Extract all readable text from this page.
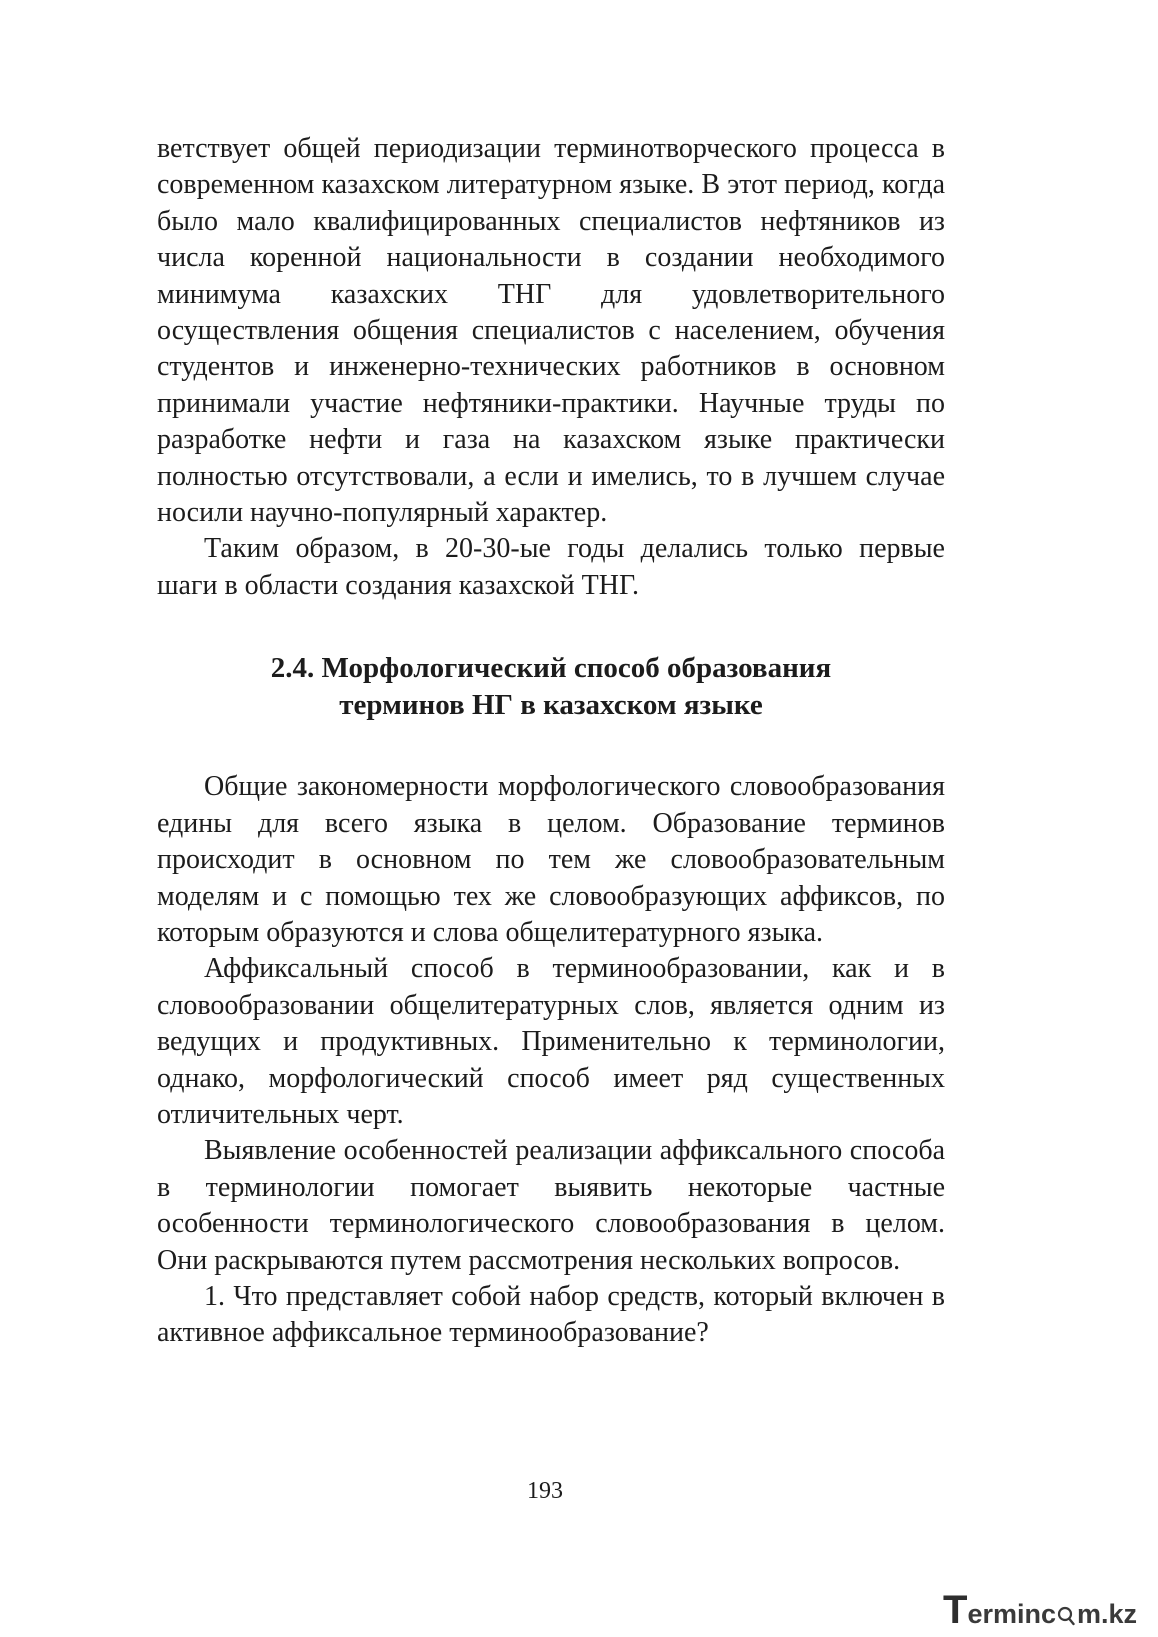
ветствует общей периодизации терминотворческого процесса в современном казахском литературном языке. В этот период, когда было мало квалифицированных специалистов нефтяников из числа коренной национальности в создании необходимого минимума казахских ТНГ для удовлетворительного осуществления общения специалистов с населением, обучения студентов и инженерно-технических работников в основном принимали участие нефтяники-практики. Научные труды по разработке нефти и газа на казахском языке практически полностью отсутствовали, а если и имелись, то в лучшем случае носили научно-популярный характер.

Таким образом, в 20-30-ые годы делались только первые шаги в области создания казахской ТНГ.

2.4. Морфологический способ образования
терминов НГ в казахском языке

Общие закономерности морфологического словообразования едины для всего языка в целом. Образование терминов происходит в основном по тем же словообразовательным моделям и с помощью тех же словообразующих аффиксов, по которым образуются и слова общелитературного языка.

Аффиксальный способ в терминообразовании, как и в словообразовании общелитературных слов, является одним из ведущих и продуктивных. Применительно к терминологии, однако, морфологический способ имеет ряд существенных отличительных черт.

Выявление особенностей реализации аффиксального способа в терминологии помогает выявить некоторые частные особенности терминологического словообразования в целом. Они раскрываются путем рассмотрения нескольких вопросов.

1. Что представляет собой набор средств, который включен в активное аффиксальное терминообразование?

193
T erminc m.kz
